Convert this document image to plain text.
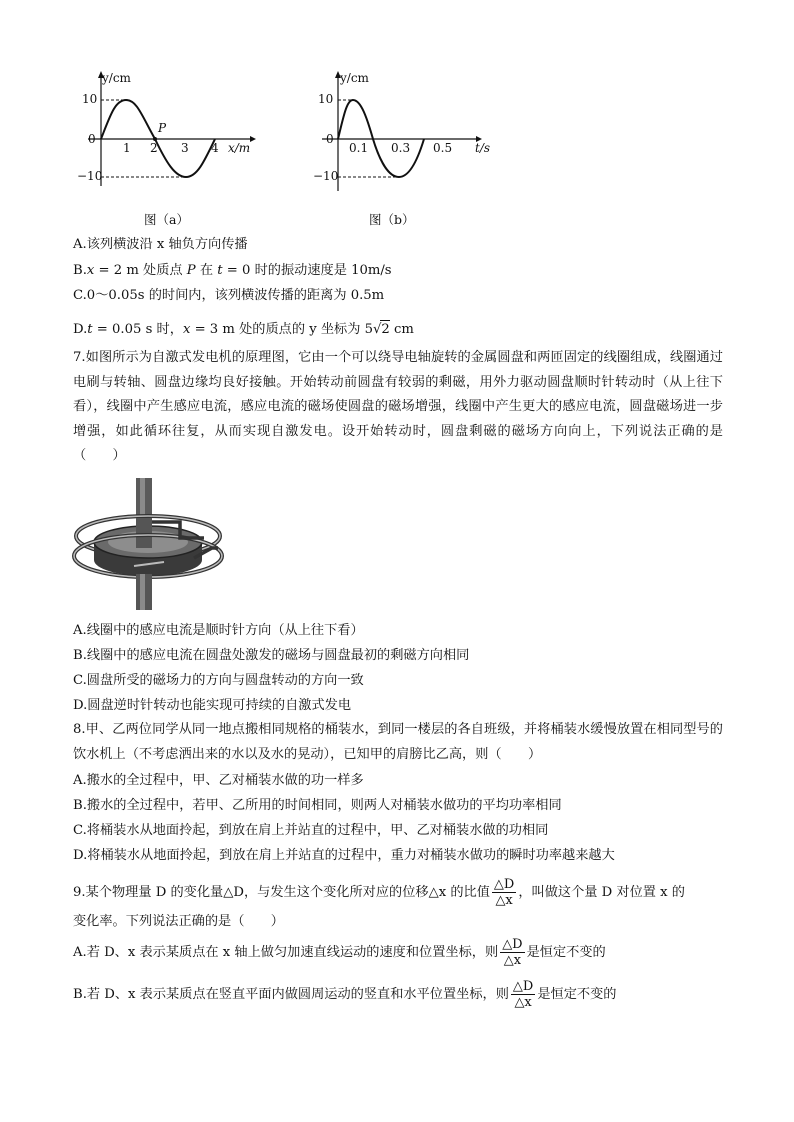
y/cm
10
0
−10
1 2 3 4
P
x/m
图（a）
y/cm
10
0
−10
0.1 0.3 0.5 t/s
图（b）
A.该列横波沿 x 轴负方向传播
B.x = 2 m 处质点 P 在 t = 0 时的振动速度是 10m/s
C.0～0.05s 的时间内，该列横波传播的距离为 0.5m
D.t = 0.05 s 时，x = 3 m 处的质点的 y 坐标为 5√2 cm
7.如图所示为自激式发电机的原理图，它由一个可以绕导电轴旋转的金属圆盘和两匝固定的线圈组成，线圈通过电刷与转轴、圆盘边缘均良好接触。开始转动前圆盘有较弱的剩磁，用外力驱动圆盘顺时针转动时（从上往下看），线圈中产生感应电流，感应电流的磁场使圆盘的磁场增强，线圈中产生更大的感应电流，圆盘磁场进一步增强，如此循环往复，从而实现自激发电。设开始转动时，圆盘剩磁的磁场方向向上，下列说法正确的是（　　）
A.线圈中的感应电流是顺时针方向（从上往下看）
B.线圈中的感应电流在圆盘处激发的磁场与圆盘最初的剩磁方向相同
C.圆盘所受的磁场力的方向与圆盘转动的方向一致
D.圆盘逆时针转动也能实现可持续的自激式发电
8.甲、乙两位同学从同一地点搬相同规格的桶装水，到同一楼层的各自班级，并将桶装水缓慢放置在相同型号的饮水机上（不考虑洒出来的水以及水的晃动），已知甲的肩膀比乙高，则（　　）
A.搬水的全过程中，甲、乙对桶装水做的功一样多
B.搬水的全过程中，若甲、乙所用的时间相同，则两人对桶装水做功的平均功率相同
C.将桶装水从地面拎起，到放在肩上并站直的过程中，甲、乙对桶装水做的功相同
D.将桶装水从地面拎起，到放在肩上并站直的过程中，重力对桶装水做功的瞬时功率越来越大
9.某个物理量 D 的变化量△D，与发生这个变化所对应的位移△x 的比值 $\frac{\triangle D}{\triangle x}$ ，叫做这个量 D 对位置 x 的
变化率。下列说法正确的是（　　）
A.若 D、x 表示某质点在 x 轴上做匀加速直线运动的速度和位置坐标，则 $\frac{\triangle D}{\triangle x}$ 是恒定不变的
B.若 D、x 表示某质点在竖直平面内做圆周运动的竖直和水平位置坐标，则 $\frac{\triangle D}{\triangle x}$ 是恒定不变的
